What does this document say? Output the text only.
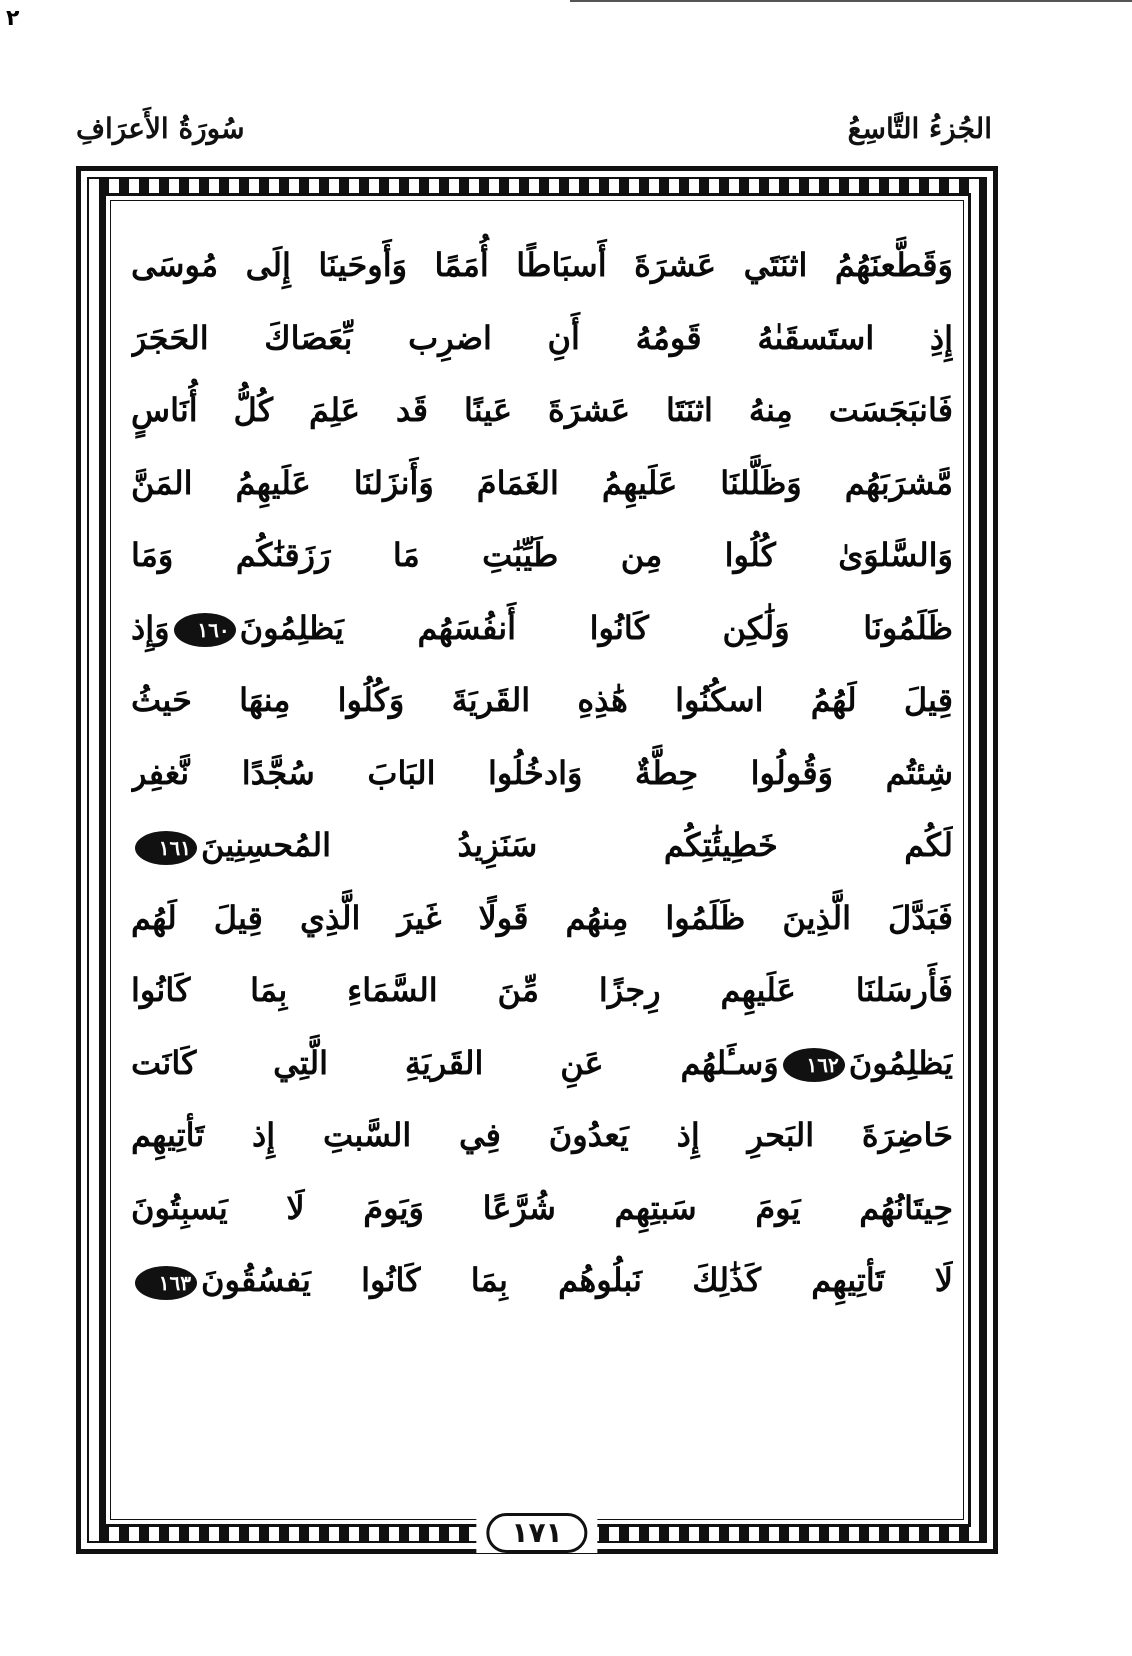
٢
الجُزءُ التَّاسِعُ
سُورَةُ الأَعرَافِ
وَقَطَّعنَهُمُ اثنَتَي عَشرَةَ أَسبَاطًا أُمَمًا وَأَوحَينَا إِلَى مُوسَى
إِذِ استَسقَىٰهُ قَومُهُ أَنِ اضرِب بِّعَصَاكَ الحَجَرَ
فَانبَجَسَت مِنهُ اثنَتَا عَشرَةَ عَينًا قَد عَلِمَ كُلُّ أُنَاسٍ
مَّشرَبَهُم وَظَلَّلنَا عَلَيهِمُ الغَمَامَ وَأَنزَلنَا عَلَيهِمُ المَنَّ
وَالسَّلوَىٰ كُلُوا مِن طَيِّبَٰتِ مَا رَزَقنَٰكُم وَمَا
ظَلَمُونَا وَلَٰكِن كَانُوا أَنفُسَهُم يَظلِمُونَ١٦٠وَإِذ
قِيلَ لَهُمُ اسكُنُوا هَٰذِهِ القَريَةَ وَكُلُوا مِنهَا حَيثُ
شِئتُم وَقُولُوا حِطَّةٌ وَادخُلُوا البَابَ سُجَّدًا نَّغفِر
لَكُم خَطِيئَٰتِكُم سَنَزِيدُ المُحسِنِينَ١٦١
فَبَدَّلَ الَّذِينَ ظَلَمُوا مِنهُم قَولًا غَيرَ الَّذِي قِيلَ لَهُم
فَأَرسَلنَا عَلَيهِم رِجزًا مِّنَ السَّمَاءِ بِمَا كَانُوا
يَظلِمُونَ١٦٢وَسـَٔلهُم عَنِ القَريَةِ الَّتِي كَانَت
حَاضِرَةَ البَحرِ إِذ يَعدُونَ فِي السَّبتِ إِذ تَأتِيهِم
حِيتَانُهُم يَومَ سَبتِهِم شُرَّعًا وَيَومَ لَا يَسبِتُونَ
لَا تَأتِيهِم كَذَٰلِكَ نَبلُوهُم بِمَا كَانُوا يَفسُقُونَ١٦٣
١٧١
